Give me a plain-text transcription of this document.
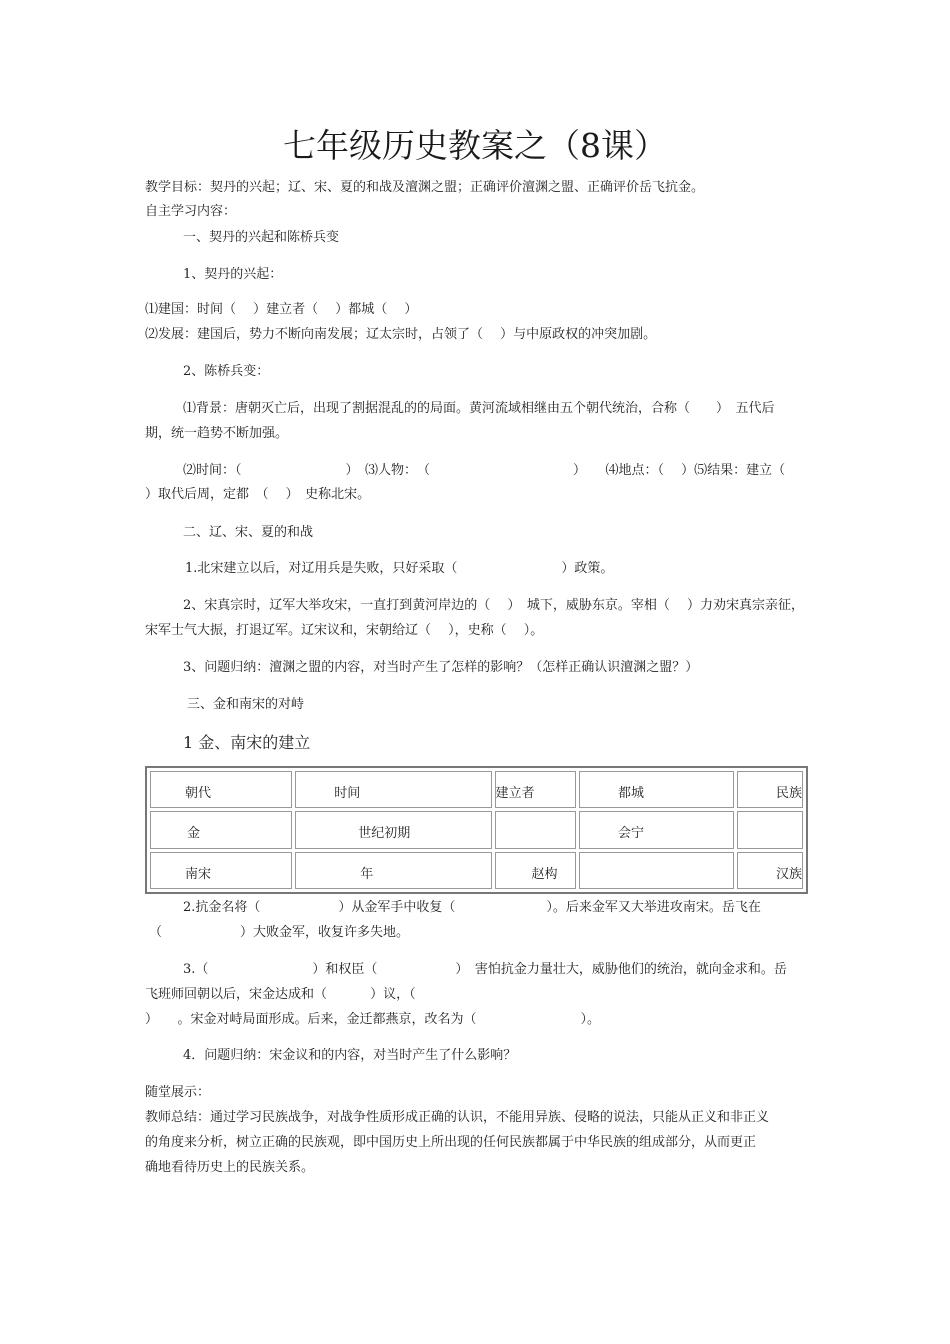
七年级历史教案之（8课）
教学目标：契丹的兴起；辽、宋、夏的和战及澶渊之盟；正确评价澶渊之盟、正确评价岳飞抗金。
自主学习内容：
一、契丹的兴起和陈桥兵变
1、契丹的兴起：
⑴建国：时间（　 ）建立者（　 ）都城（　 ）
⑵发展：建国后，势力不断向南发展；辽太宗时，占领了（　 ）与中原政权的冲突加剧。
2、陈桥兵变：
⑴背景：唐朝灭亡后，出现了割据混乱的的局面。黄河流域相继由五个朝代统治，合称（　　）　五代后
期，统一趋势不断加强。
⑵时间：（　　　　　　　　）　⑶人物：　（　　　　　　　　　　　）　　⑷地点：（　 ）⑸结果：建立（
）取代后周，定都　（　 ）　史称北宋。
二、辽、宋、夏的和战
1.北宋建立以后，对辽用兵是失败，只好采取（　　　　　　　　）政策。
2、宋真宗时，辽军大举攻宋，一直打到黄河岸边的（　 ）　城下，威胁东京。宰相（　 ）力劝宋真宗亲征，
宋军士气大振，打退辽军。辽宋议和，宋朝给辽（　 ），史称（　 ）。
3、问题归纳：澶渊之盟的内容，对当时产生了怎样的影响？（怎样正确认识澶渊之盟？）
三、金和南宋的对峙
1 金、南宋的建立
朝代	时间	建立者	都城	民族
金	世纪初期		会宁	
南宋	年	赵构		汉族
2.抗金名将（　　　　　　）从金军手中收复（　　　　　　　）。后来金军又大举进攻南宋。岳飞在
（　　　　　　）大败金军，收复许多失地。
3.（　　　　　　　　）和权臣（　　　　　　）　害怕抗金力量壮大，威胁他们的统治，就向金求和。岳
飞班师回朝以后，宋金达成和（　　　 ）议，（
）　　。宋金对峙局面形成。后来，金迁都燕京，改名为（　　　　　　　　）。
4．问题归纳：宋金议和的内容，对当时产生了什么影响？
随堂展示：
教师总结：通过学习民族战争，对战争性质形成正确的认识，不能用异族、侵略的说法，只能从正义和非正义
的角度来分析，树立正确的民族观，即中国历史上所出现的任何民族都属于中华民族的组成部分，从而更正
确地看待历史上的民族关系。
